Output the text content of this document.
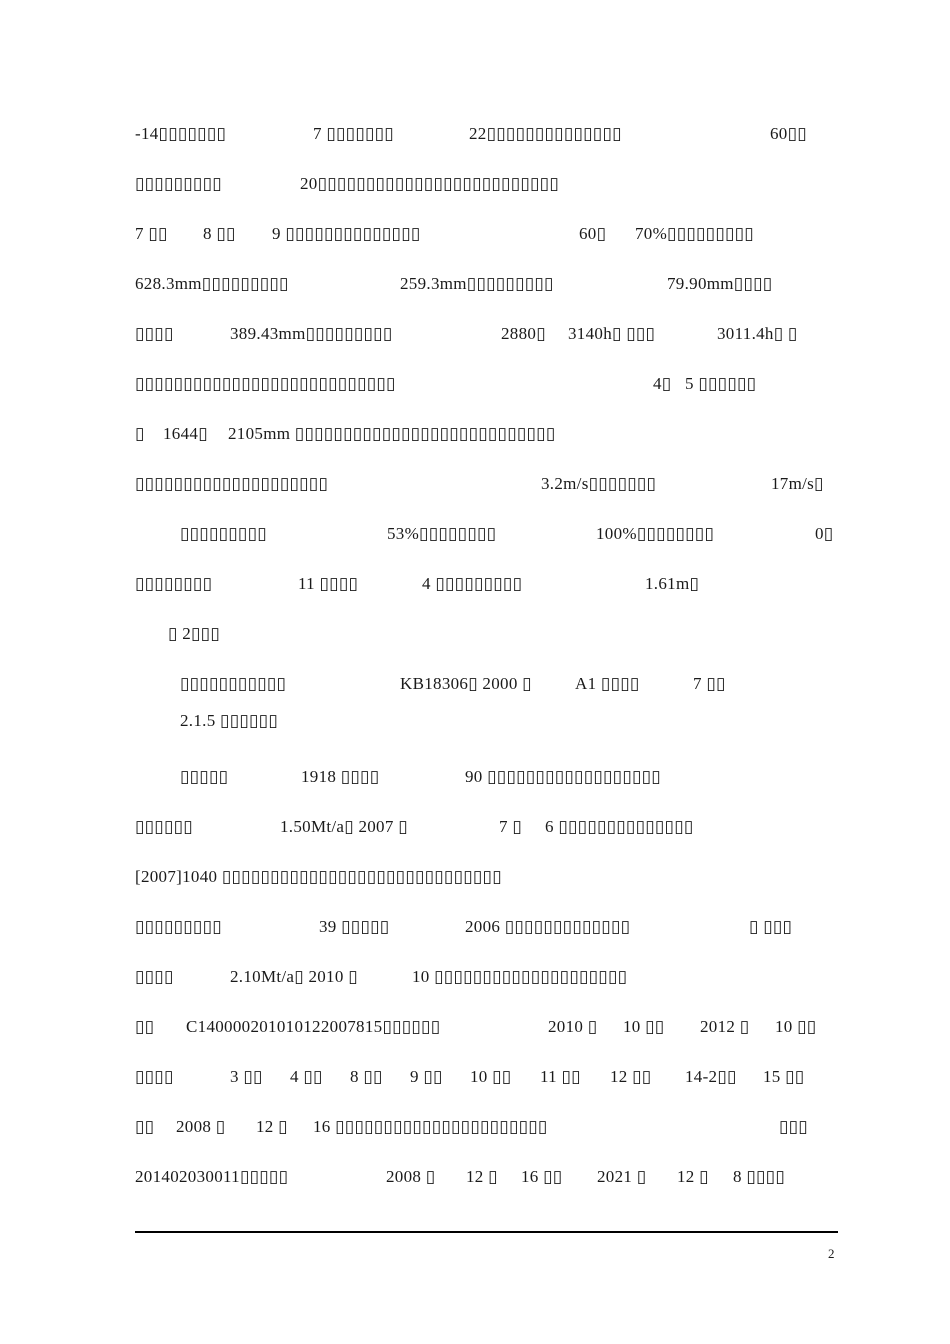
-14▯▯▯▯▯▯▯	7 ▯▯▯▯▯▯▯	22▯▯▯▯▯▯▯▯▯▯▯▯▯▯	60▯▯
▯▯▯▯▯▯▯▯▯	20▯▯▯▯▯▯▯▯▯▯▯▯▯▯▯▯▯▯▯▯▯▯▯▯▯
7 ▯▯ 8 ▯▯ 9 ▯▯▯▯▯▯▯▯▯▯▯▯▯▯	60▯ 70%▯▯▯▯▯▯▯▯▯
628.3mm▯▯▯▯▯▯▯▯▯	259.3mm▯▯▯▯▯▯▯▯▯	79.90mm▯▯▯▯
▯▯▯▯	389.43mm▯▯▯▯▯▯▯▯▯	2880▯ 3140h▯ ▯▯▯	3011.4h▯ ▯
▯▯▯▯▯▯▯▯▯▯▯▯▯▯▯▯▯▯▯▯▯▯▯▯▯▯▯	4▯ 5 ▯▯▯▯▯▯
▯ 1644▯ 2105mm ▯▯▯▯▯▯▯▯▯▯▯▯▯▯▯▯▯▯▯▯▯▯▯▯▯▯▯
▯▯▯▯▯▯▯▯▯▯▯▯▯▯▯▯▯▯▯▯	3.2m/s▯▯▯▯▯▯▯	17m/s▯
▯▯▯▯▯▯▯▯▯	53%▯▯▯▯▯▯▯▯	100%▯▯▯▯▯▯▯▯	0▯
▯▯▯▯▯▯▯▯	11 ▯▯▯▯	4 ▯▯▯▯▯▯▯▯▯	1.61m▯
▯ 2▯▯▯
▯▯▯▯▯▯▯▯▯▯▯	KB18306▯ 2000 ▯	A1 ▯▯▯▯	7 ▯▯
2.1.5 ▯▯▯▯▯▯
▯▯▯▯▯	1918 ▯▯▯▯	90 ▯▯▯▯▯▯▯▯▯▯▯▯▯▯▯▯▯▯
▯▯▯▯▯▯	1.50Mt/a▯ 2007 ▯	7 ▯ 6 ▯▯▯▯▯▯▯▯▯▯▯▯▯▯
[2007]1040 ▯▯▯▯▯▯▯▯▯▯▯▯▯▯▯▯▯▯▯▯▯▯▯▯▯▯▯▯▯
▯▯▯▯▯▯▯▯▯	39 ▯▯▯▯▯	2006 ▯▯▯▯▯▯▯▯▯▯▯▯▯	▯ ▯▯▯
▯▯▯▯	2.10Mt/a▯ 2010 ▯	10 ▯▯▯▯▯▯▯▯▯▯▯▯▯▯▯▯▯▯▯▯
▯▯ C140000201010122007815▯▯▯▯▯▯	2010 ▯ 10 ▯▯ 2012 ▯ 10 ▯▯
▯▯▯▯	3 ▯▯ 4 ▯▯ 8 ▯▯ 9 ▯▯ 10 ▯▯ 11 ▯▯ 12 ▯▯ 14-2▯▯ 15 ▯▯
▯▯ 2008 ▯ 12 ▯ 16 ▯▯▯▯▯▯▯▯▯▯▯▯▯▯▯▯▯▯▯▯▯▯	▯▯▯
201402030011▯▯▯▯▯	2008 ▯ 12 ▯ 16 ▯▯ 2021 ▯ 12 ▯ 8 ▯▯▯▯
2
